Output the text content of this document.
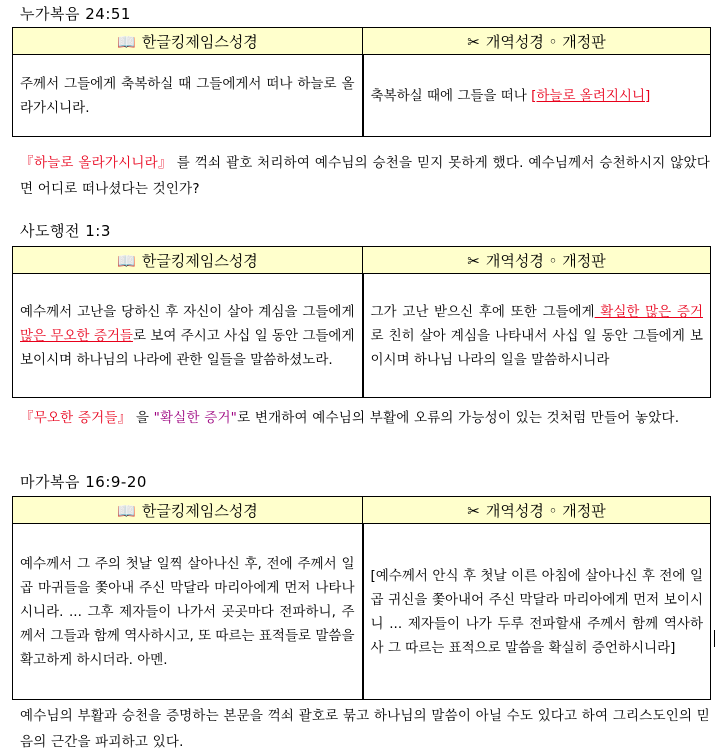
누가복음 24:51
📖 한글킹제임스성경	✂ 개역성경 ◦ 개정판
주께서 그들에게 축복하실 때 그들에게서 떠나 하늘로 올라가시니라.	축복하실 때에 그들을 떠나 [하늘로 올려지시니]
『하늘로 올라가시니라』 를 꺽쇠 괄호 처리하여 예수님의 승천을 믿지 못하게 했다. 예수님께서 승천하시지 않았다면 어디로 떠나셨다는 것인가?
사도행전 1:3
📖 한글킹제임스성경	✂ 개역성경 ◦ 개정판
예수께서 고난을 당하신 후 자신이 살아 계심을 그들에게 많은 무오한 증거들로 보여 주시고 사십 일 동안 그들에게 보이시며 하나님의 나라에 관한 일들을 말씀하셨노라.	그가 고난 받으신 후에 또한 그들에게 확실한 많은 증거로 친히 살아 계심을 나타내서 사십 일 동안 그들에게 보이시며 하나님 나라의 일을 말씀하시니라
『무오한 증거들』 을 "확실한 증거"로 변개하여 예수님의 부활에 오류의 가능성이 있는 것처럼 만들어 놓았다.
마가복음 16:9-20
📖 한글킹제임스성경	✂ 개역성경 ◦ 개정판
예수께서 그 주의 첫날 일찍 살아나신 후, 전에 주께서 일곱 마귀들을 쫓아내 주신 막달라 마리아에게 먼저 나타나시니라. ... 그후 제자들이 나가서 곳곳마다 전파하니, 주께서 그들과 함께 역사하시고, 또 따르는 표적들로 말씀을 확고하게 하시더라. 아멘.	[예수께서 안식 후 첫날 이른 아침에 살아나신 후 전에 일곱 귀신을 쫓아내어 주신 막달라 마리아에게 먼저 보이시니 ... 제자들이 나가 두루 전파할새 주께서 함께 역사하사 그 따르는 표적으로 말씀을 확실히 증언하시니라]
예수님의 부활과 승천을 증명하는 본문을 꺽쇠 괄호로 묶고 하나님의 말씀이 아닐 수도 있다고 하여 그리스도인의 믿음의 근간을 파괴하고 있다.
